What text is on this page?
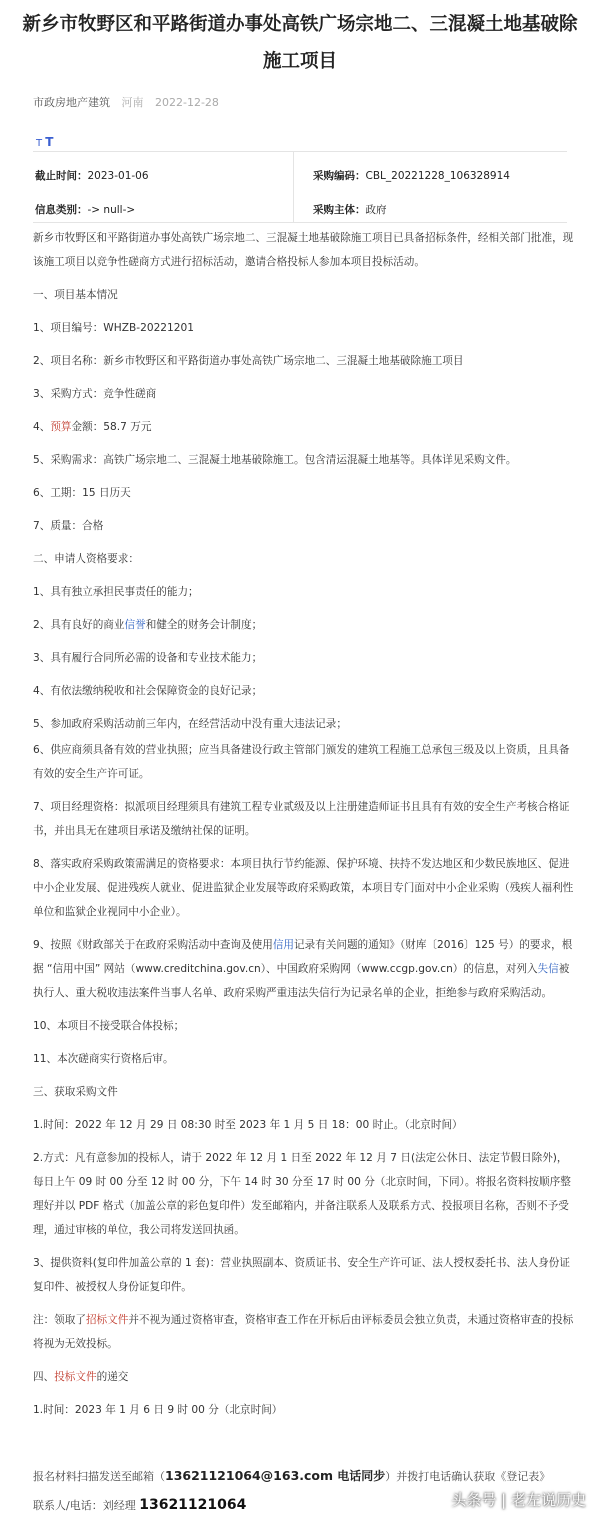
新乡市牧野区和平路街道办事处高铁广场宗地二、三混凝土地基破除施工项目
市政房地产建筑 河南 2022-12-28
T T
截止时间：2023-01-06	采购编码：CBL_20221228_106328914
信息类别：-> null->	采购主体：政府

新乡市牧野区和平路街道办事处高铁广场宗地二、三混凝土地基破除施工项目已具备招标条件，经相关部门批准，现该施工项目以竞争性磋商方式进行招标活动，邀请合格投标人参加本项目投标活动。

一、项目基本情况

1、项目编号：WHZB-20221201

2、项目名称：新乡市牧野区和平路街道办事处高铁广场宗地二、三混凝土地基破除施工项目

3、采购方式：竞争性磋商

4、预算金额：58.7 万元

5、采购需求：高铁广场宗地二、三混凝土地基破除施工。包含清运混凝土地基等。具体详见采购文件。

6、工期：15 日历天

7、质量：合格

二、申请人资格要求：

1、具有独立承担民事责任的能力；

2、具有良好的商业信誉和健全的财务会计制度；

3、具有履行合同所必需的设备和专业技术能力；

4、有依法缴纳税收和社会保障资金的良好记录；

5、参加政府采购活动前三年内，在经营活动中没有重大违法记录；

6、供应商须具备有效的营业执照；应当具备建设行政主管部门颁发的建筑工程施工总承包三级及以上资质，且具备有效的安全生产许可证。

7、项目经理资格：拟派项目经理须具有建筑工程专业贰级及以上注册建造师证书且具有有效的安全生产考核合格证书，并出具无在建项目承诺及缴纳社保的证明。

8、落实政府采购政策需满足的资格要求：本项目执行节约能源、保护环境、扶持不发达地区和少数民族地区、促进中小企业发展、促进残疾人就业、促进监狱企业发展等政府采购政策，本项目专门面对中小企业采购（残疾人福利性单位和监狱企业视同中小企业）。

9、按照《财政部关于在政府采购活动中查询及使用信用记录有关问题的通知》（财库〔2016〕125 号）的要求，根据 “信用中国” 网站（www.creditchina.gov.cn）、中国政府采购网（www.ccgp.gov.cn）的信息，对列入失信被执行人、重大税收违法案件当事人名单、政府采购严重违法失信行为记录名单的企业，拒绝参与政府采购活动。

10、本项目不接受联合体投标；

11、本次磋商实行资格后审。

三、获取采购文件

1.时间：2022 年 12 月 29 日 08:30 时至 2023 年 1 月 5 日 18：00 时止。（北京时间）

2.方式：凡有意参加的投标人，请于 2022 年 12 月 1 日至 2022 年 12 月 7 日(法定公休日、法定节假日除外)，每日上午 09 时 00 分至 12 时 00 分，下午 14 时 30 分至 17 时 00 分（北京时间，下同）。将报名资料按顺序整理好并以 PDF 格式（加盖公章的彩色复印件）发至邮箱内，并备注联系人及联系方式、投报项目名称，否则不予受理，通过审核的单位，我公司将发送回执函。

3、提供资料(复印件加盖公章的 1 套)：营业执照副本、资质证书、安全生产许可证、法人授权委托书、法人身份证复印件、被授权人身份证复印件。

注：领取了招标文件并不视为通过资格审查，资格审查工作在开标后由评标委员会独立负责，未通过资格审查的投标将视为无效投标。

四、投标文件的递交

1.时间：2023 年 1 月 6 日 9 时 00 分（北京时间）

报名材料扫描发送至邮箱（13621121064@163.com 电话同步）并拨打电话确认获取《登记表》
联系人/电话：刘经理 13621121064	头条号 | 老左说历史
